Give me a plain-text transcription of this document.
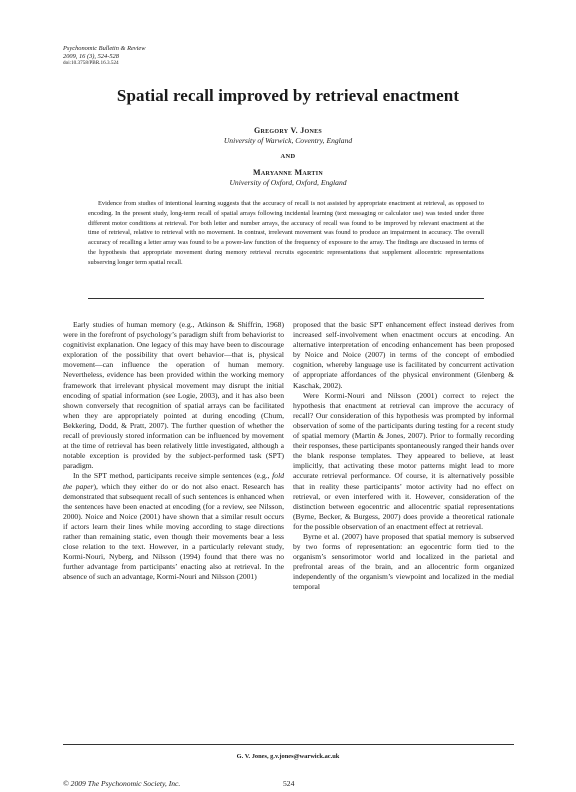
Psychonomic Bulletin & Review
2009, 16 (3), 524-528
doi:10.3758/PBR.16.3.524
Spatial recall improved by retrieval enactment
Gregory V. Jones
University of Warwick, Coventry, England
AND
Maryanne Martin
University of Oxford, Oxford, England

Evidence from studies of intentional learning suggests that the accuracy of recall is not assisted by appropriate enactment at retrieval, as opposed to encoding. In the present study, long-term recall of spatial arrays following incidental learning (text messaging or calculator use) was tested under three different motor conditions at retrieval. For both letter and number arrays, the accuracy of recall was found to be improved by relevant enactment at the time of retrieval, relative to retrieval with no movement. In contrast, irrelevant movement was found to produce an impairment in accuracy. The overall accuracy of recalling a letter array was found to be a power-law function of the frequency of exposure to the array. The findings are discussed in terms of the hypothesis that appropriate movement during memory retrieval recruits egocentric representations that supplement allocentric representations subserving longer term spatial recall.

Early studies of human memory (e.g., Atkinson & Shiffrin, 1968) were in the forefront of psychology’s paradigm shift from behaviorist to cognitivist explanation. One legacy of this may have been to discourage exploration of the possibility that overt behavior—that is, physical movement—can influence the operation of human memory. Nevertheless, evidence has been provided within the working memory framework that irrelevant physical movement may disrupt the initial encoding of spatial information (see Logie, 2003), and it has also been shown conversely that recognition of spatial arrays can be facilitated when they are appropriately pointed at during encoding (Chum, Bekkering, Dodd, & Pratt, 2007). The further question of whether the recall of previously stored information can be influenced by movement at the time of retrieval has been relatively little investigated, although a notable exception is provided by the subject-performed task (SPT) paradigm.

In the SPT method, participants receive simple sentences (e.g., fold the paper), which they either do or do not also enact. Research has demonstrated that subsequent recall of such sentences is enhanced when the sentences have been enacted at encoding (for a review, see Nilsson, 2000). Noice and Noice (2001) have shown that a similar result occurs if actors learn their lines while moving according to stage directions rather than remaining static, even though their movements bear a less close relation to the text. However, in a particularly relevant study, Kormi-Nouri, Nyberg, and Nilsson (1994) found that there was no further advantage from participants’ enacting also at retrieval. In the absence of such an advantage, Kormi-Nouri and Nilsson (2001)

proposed that the basic SPT enhancement effect instead derives from increased self-involvement when enactment occurs at encoding. An alternative interpretation of encoding enhancement has been proposed by Noice and Noice (2007) in terms of the concept of embodied cognition, whereby language use is facilitated by concurrent activation of appropriate affordances of the physical environment (Glenberg & Kaschak, 2002).

Were Kormi-Nouri and Nilsson (2001) correct to reject the hypothesis that enactment at retrieval can improve the accuracy of recall? Our consideration of this hypothesis was prompted by informal observation of some of the participants during testing for a recent study of spatial memory (Martin & Jones, 2007). Prior to formally recording their responses, these participants spontaneously ranged their hands over the blank response templates. They appeared to believe, at least implicitly, that activating these motor patterns might lead to more accurate retrieval performance. Of course, it is alternatively possible that in reality these participants’ motor activity had no effect on retrieval, or even interfered with it. However, consideration of the distinction between egocentric and allocentric spatial representations (Byrne, Becker, & Burgess, 2007) does provide a theoretical rationale for the possible observation of an enactment effect at retrieval.

Byrne et al. (2007) have proposed that spatial memory is subserved by two forms of representation: an egocentric form tied to the organism’s sensorimotor world and localized in the parietal and prefrontal areas of the brain, and an allocentric form organized independently of the organism’s viewpoint and localized in the medial temporal

G. V. Jones, g.v.jones@warwick.ac.uk
© 2009 The Psychonomic Society, Inc.	524
